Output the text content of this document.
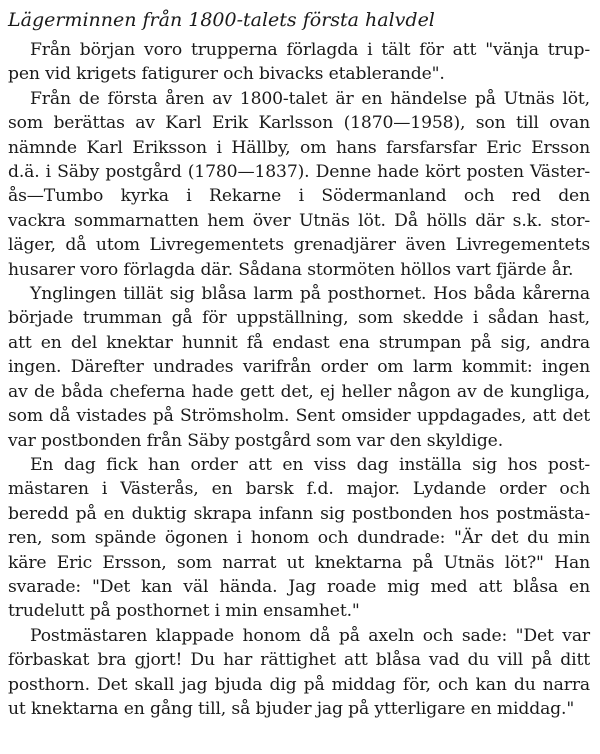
Lägerminnen från 1800-talets första halvdel
Från början voro trupperna förlagda i tält för att "vänja trup-
pen vid krigets fatigurer och bivacks etablerande".
Från de första åren av 1800-talet är en händelse på Utnäs löt,
som berättas av Karl Erik Karlsson (1870—1958), son till ovan
nämnde Karl Eriksson i Hällby, om hans farsfarsfar Eric Ersson
d.ä. i Säby postgård (1780—1837). Denne hade kört posten Väster-
ås—Tumbo kyrka i Rekarne i Södermanland och red den
vackra sommarnatten hem över Utnäs löt. Då hölls där s.k. stor-
läger, då utom Livregementets grenadjärer även Livregementets
husarer voro förlagda där. Sådana stormöten höllos vart fjärde år.
Ynglingen tillät sig blåsa larm på posthornet. Hos båda kårerna
började trumman gå för uppställning, som skedde i sådan hast,
att en del knektar hunnit få endast ena strumpan på sig, andra
ingen. Därefter undrades varifrån order om larm kommit: ingen
av de båda cheferna hade gett det, ej heller någon av de kungliga,
som då vistades på Strömsholm. Sent omsider uppdagades, att det
var postbonden från Säby postgård som var den skyldige.
En dag fick han order att en viss dag inställa sig hos post-
mästaren i Västerås, en barsk f.d. major. Lydande order och
beredd på en duktig skrapa infann sig postbonden hos postmästa-
ren, som spände ögonen i honom och dundrade: "Är det du min
käre Eric Ersson, som narrat ut knektarna på Utnäs löt?" Han
svarade: "Det kan väl hända. Jag roade mig med att blåsa en
trudelutt på posthornet i min ensamhet."
Postmästaren klappade honom då på axeln och sade: "Det var
förbaskat bra gjort! Du har rättighet att blåsa vad du vill på ditt
posthorn. Det skall jag bjuda dig på middag för, och kan du narra
ut knektarna en gång till, så bjuder jag på ytterligare en middag."
